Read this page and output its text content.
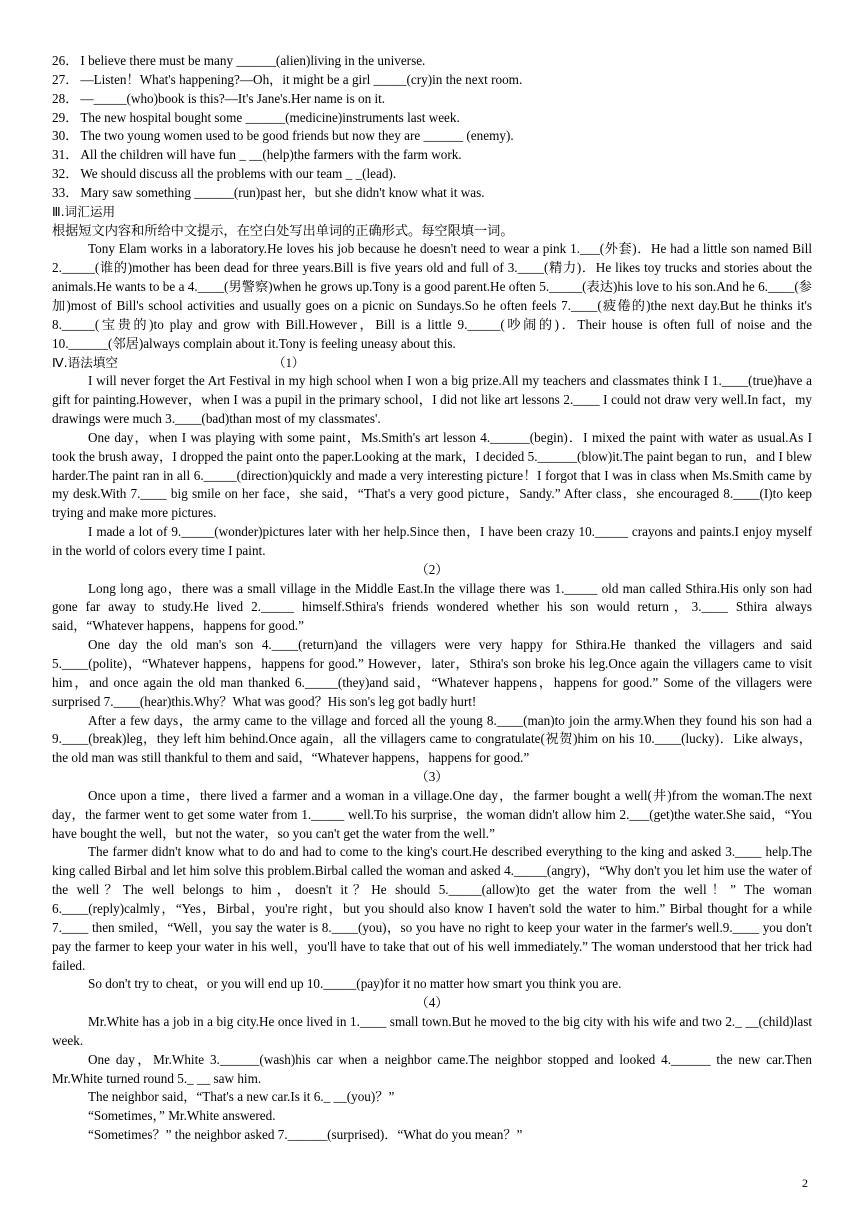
26． I believe there must be many ______(alien)living in the universe.
27． —Listen！What's happening?—Oh，it might be a girl _____(cry)in the next room.
28． —_____(who)book is this?—It's Jane's.Her name is on it.
29． The new hospital bought some ______(medicine)instruments last week.
30． The two young women used to be good friends but now they are ______ (enemy).
31． All the children will have fun _ __(help)the farmers with the farm work.
32． We should discuss all the problems with our team _ _(lead).
33． Mary saw something ______(run)past her，but she didn't know what it was.
Ⅲ.词汇运用
根据短文内容和所给中文提示，在空白处写出单词的正确形式。每空限填一词。

Tony Elam works in a laboratory.He loves his job because he doesn't need to wear a pink 1.___(外套)．He had a little son named Bill 2._____(谁的)mother has been dead for three years.Bill is five years old and full of 3.____(精力)．He likes toy trucks and stories about the animals.He wants to be a 4.____(男警察)when he grows up.Tony is a good parent.He often 5._____(表达)his love to his son.And he 6.____(参加)most of Bill's school activities and usually goes on a picnic on Sundays.So he often feels 7.____(疲倦的)the next day.But he thinks it's 8._____(宝贵的)to play and grow with Bill.However，Bill is a little 9._____(吵闹的)．Their house is often full of noise and the 10.______(邻居)always complain about it.Tony is feeling uneasy about this.

Ⅳ.语法填空	（1）

I will never forget the Art Festival in my high school when I won a big prize.All my teachers and classmates think I 1.____(true)have a gift for painting.However，when I was a pupil in the primary school，I did not like art lessons 2.____ I could not draw very well.In fact，my drawings were much 3.____(bad)than most of my classmates'.

One day，when I was playing with some paint，Ms.Smith's art lesson 4.______(begin)．I mixed the paint with water as usual.As I took the brush away，I dropped the paint onto the paper.Looking at the mark，I decided 5.______(blow)it.The paint began to run，and I blew harder.The paint ran in all 6._____(direction)quickly and made a very interesting picture！I forgot that I was in class when Ms.Smith came by my desk.With 7.____ big smile on her face，she said，“That's a very good picture，Sandy.” After class，she encouraged 8.____(I)to keep trying and make more pictures.

I made a lot of 9._____(wonder)pictures later with her help.Since then，I have been crazy 10._____ crayons and paints.I enjoy myself in the world of colors every time I paint.

（2）

Long long ago，there was a small village in the Middle East.In the village there was 1._____ old man called Sthira.His only son had gone far away to study.He lived 2._____ himself.Sthira's friends wondered whether his son would return，3.____ Sthira always said，“Whatever happens，happens for good.”

One day the old man's son 4.____(return)and the villagers were very happy for Sthira.He thanked the villagers and said 5.____(polite)，“Whatever happens，happens for good.” However，later，Sthira's son broke his leg.Once again the villagers came to visit him，and once again the old man thanked 6._____(they)and said，“Whatever happens，happens for good.” Some of the villagers were surprised 7.____(hear)this.Why？What was good？His son's leg got badly hurt!

After a few days，the army came to the village and forced all the young 8.____(man)to join the army.When they found his son had a 9.____(break)leg，they left him behind.Once again，all the villagers came to congratulate(祝贺)him on his 10.____(lucky)．Like always，the old man was still thankful to them and said，“Whatever happens，happens for good.”

（3）

Once upon a time，there lived a farmer and a woman in a village.One day，the farmer bought a well(井)from the woman.The next day，the farmer went to get some water from 1._____ well.To his surprise，the woman didn't allow him 2.___(get)the water.She said，“You have bought the well，but not the water，so you can't get the water from the well.”

The farmer didn't know what to do and had to come to the king's court.He described everything to the king and asked 3.____ help.The king called Birbal and let him solve this problem.Birbal called the woman and asked 4._____(angry)，“Why don't you let him use the water of the well？The well belongs to him，doesn't it？He should 5._____(allow)to get the water from the well！” The woman 6.____(reply)calmly，“Yes，Birbal，you're right，but you should also know I haven't sold the water to him.” Birbal thought for a while 7.____ then smiled，“Well，you say the water is 8.____(you)，so you have no right to keep your water in the farmer's well.9.____ you don't pay the farmer to keep your water in his well，you'll have to take that out of his well immediately.” The woman understood that her trick had failed.

So don't try to cheat，or you will end up 10._____(pay)for it no matter how smart you think you are.

（4）

Mr.White has a job in a big city.He once lived in 1.____ small town.But he moved to the big city with his wife and two 2._ __(child)last week.

One day，Mr.White 3.______(wash)his car when a neighbor came.The neighbor stopped and looked 4.______ the new car.Then Mr.White turned round 5._ __ saw him.

The neighbor said，“That's a new car.Is it 6._ __(you)？”
“Sometimes，” Mr.White answered.
“Sometimes？” the neighbor asked 7.______(surprised)．“What do you mean？”
2
